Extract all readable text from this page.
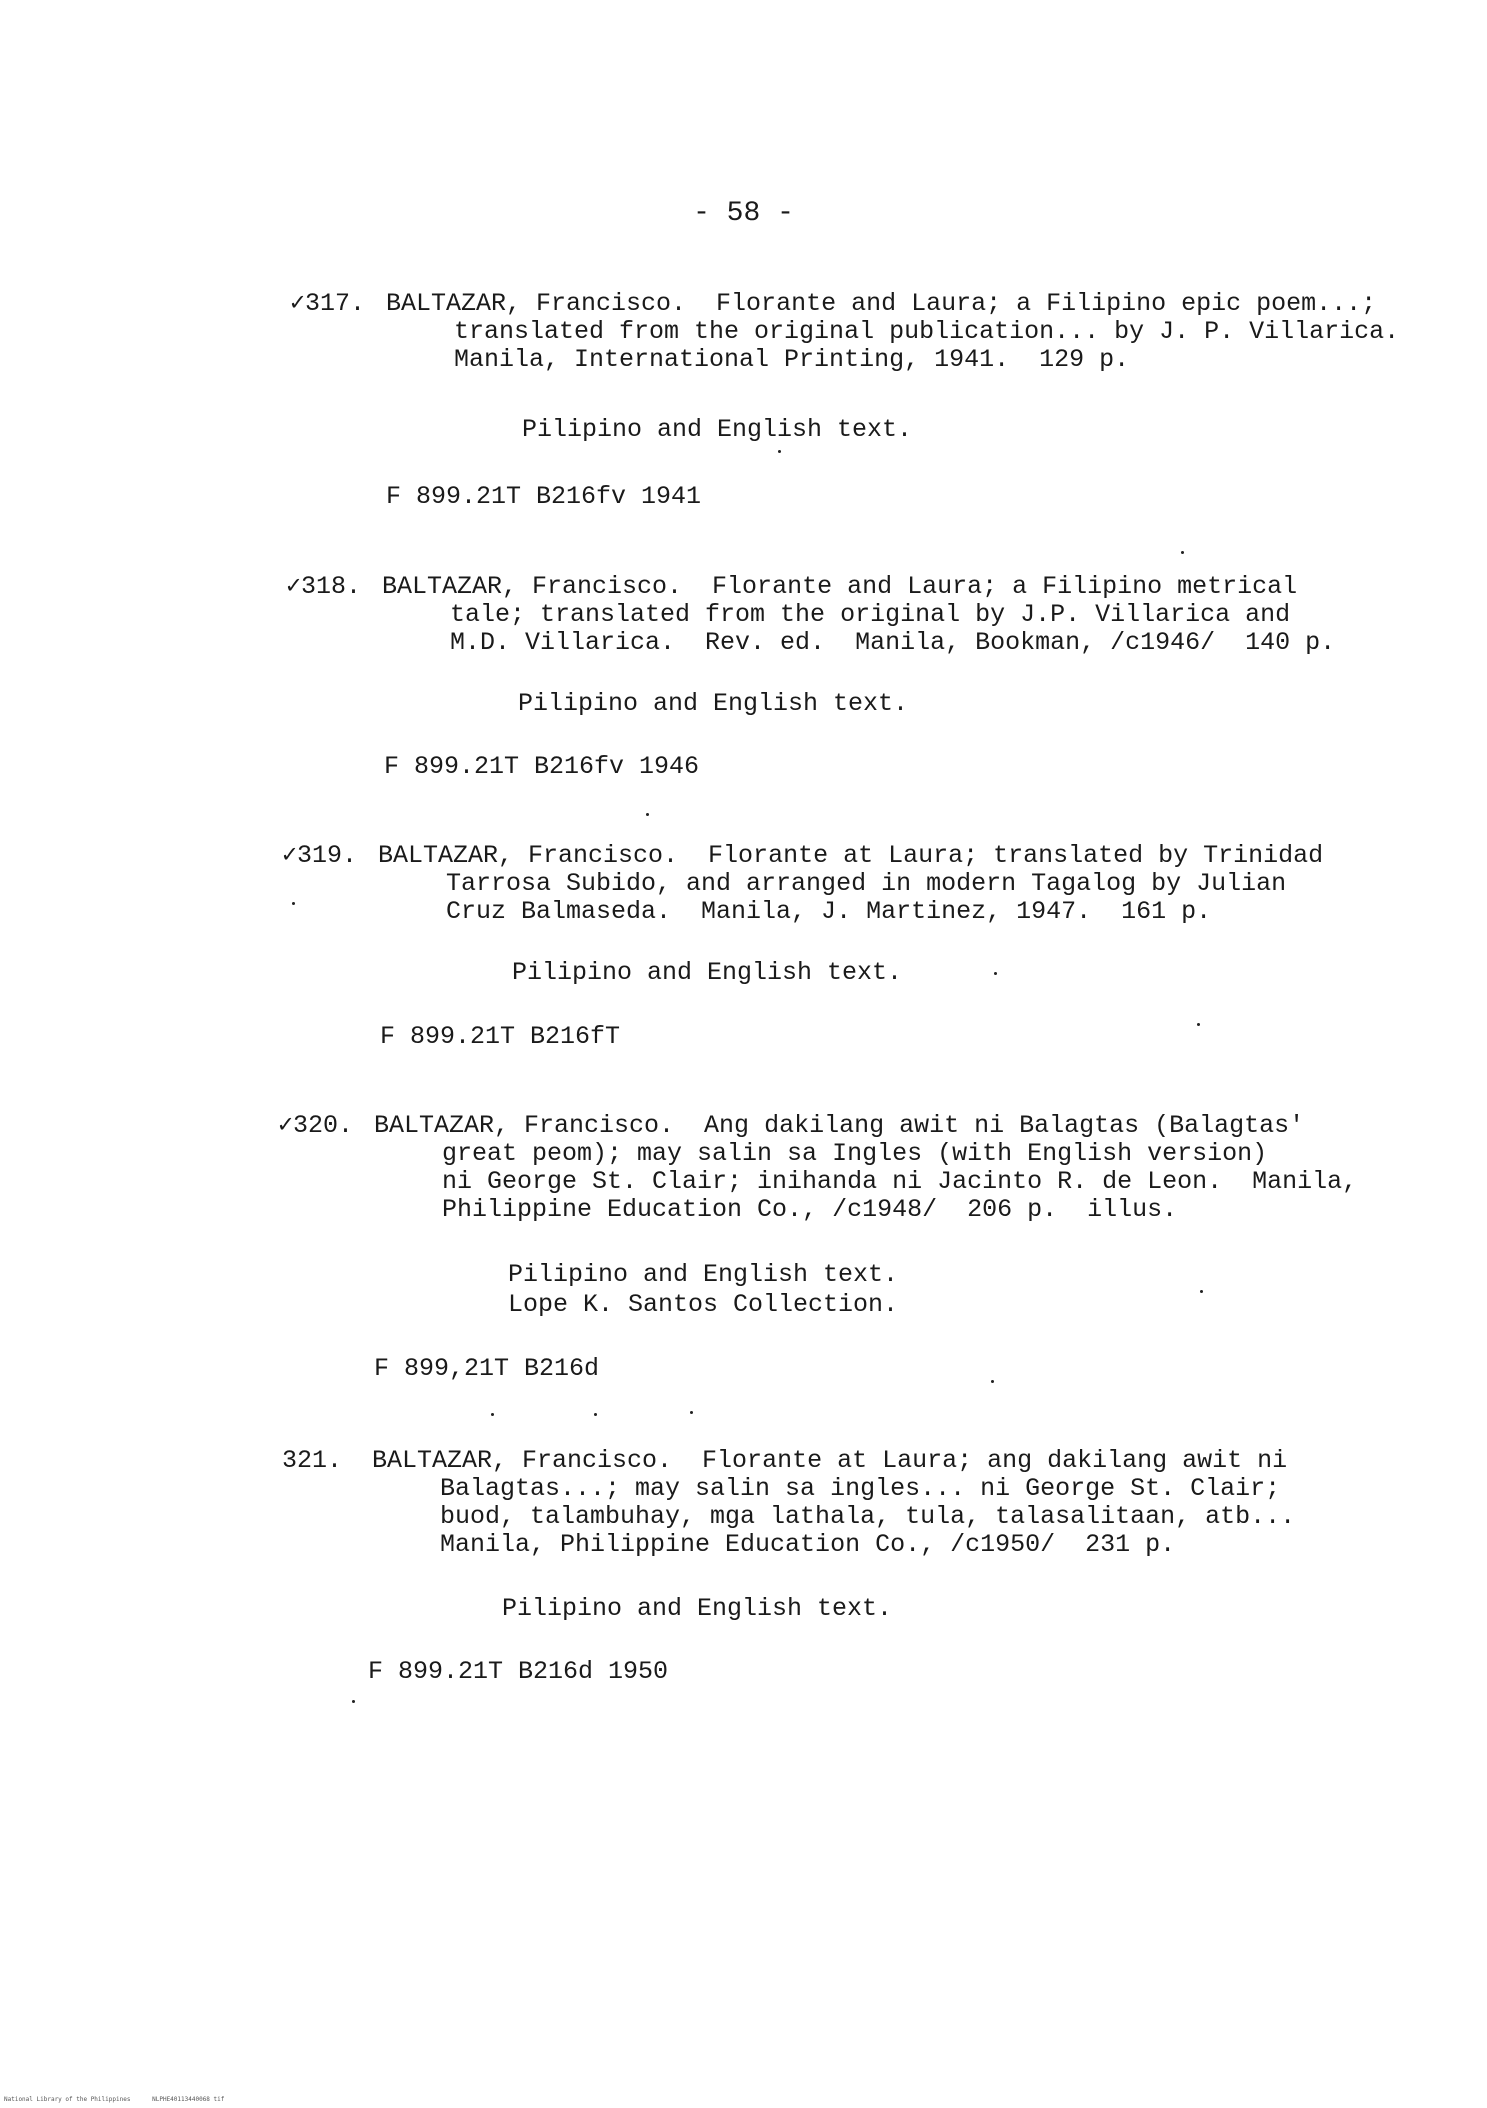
- 58 -
✓317. BALTAZAR, Francisco.  Florante and Laura; a Filipino epic poem...;
translated from the original publication... by J. P. Villarica.
Manila, International Printing, 1941.  129 p.
Pilipino and English text.
F 899.21T B216fv 1941
✓318. BALTAZAR, Francisco.  Florante and Laura; a Filipino metrical
tale; translated from the original by J.P. Villarica and
M.D. Villarica.  Rev. ed.  Manila, Bookman, /c1946/  140 p.
Pilipino and English text.
F 899.21T B216fv 1946
✓319. BALTAZAR, Francisco.  Florante at Laura; translated by Trinidad
Tarrosa Subido, and arranged in modern Tagalog by Julian
Cruz Balmaseda.  Manila, J. Martinez, 1947.  161 p.
Pilipino and English text.
F 899.21T B216fT
✓320. BALTAZAR, Francisco.  Ang dakilang awit ni Balagtas (Balagtas'
great peom); may salin sa Ingles (with English version)
ni George St. Clair; inihanda ni Jacinto R. de Leon.  Manila,
Philippine Education Co., /c1948/  206 p.  illus.
Pilipino and English text.
Lope K. Santos Collection.
F 899,21T B216d
321.	BALTAZAR, Francisco.  Florante at Laura; ang dakilang awit ni
Balagtas...; may salin sa ingles... ni George St. Clair;
buod, talambuhay, mga lathala, tula, talasalitaan, atb...
Manila, Philippine Education Co., /c1950/  231 p.
Pilipino and English text.
F 899.21T B216d 1950
National Library of the Philippines	NLPHE40113440068 tif
